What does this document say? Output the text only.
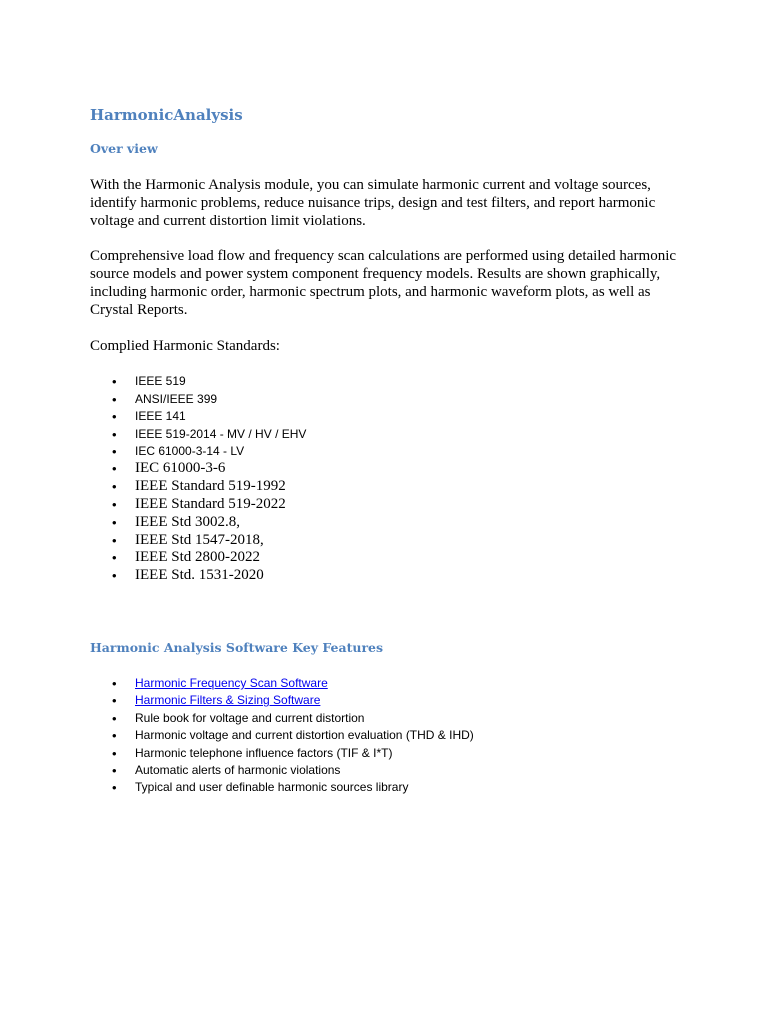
HarmonicAnalysis
Over view

With the Harmonic Analysis module, you can simulate harmonic current and voltage sources, identify harmonic problems, reduce nuisance trips, design and test filters, and report harmonic voltage and current distortion limit violations.

Comprehensive load flow and frequency scan calculations are performed using detailed harmonic source models and power system component frequency models. Results are shown graphically, including harmonic order, harmonic spectrum plots, and harmonic waveform plots, as well as Crystal Reports.

Complied Harmonic Standards:

• IEEE 519
• ANSI/IEEE 399
• IEEE 141
• IEEE 519-2014 - MV / HV / EHV
• IEC 61000-3-14 - LV
• IEC 61000-3-6
• IEEE Standard 519-1992
• IEEE Standard 519-2022
• IEEE Std 3002.8,
• IEEE Std 1547-2018,
• IEEE Std 2800-2022
• IEEE Std. 1531-2020
Harmonic Analysis Software Key Features
• Harmonic Frequency Scan Software
• Harmonic Filters & Sizing Software
• Rule book for voltage and current distortion
• Harmonic voltage and current distortion evaluation (THD & IHD)
• Harmonic telephone influence factors (TIF & I*T)
• Automatic alerts of harmonic violations
• Typical and user definable harmonic sources library
